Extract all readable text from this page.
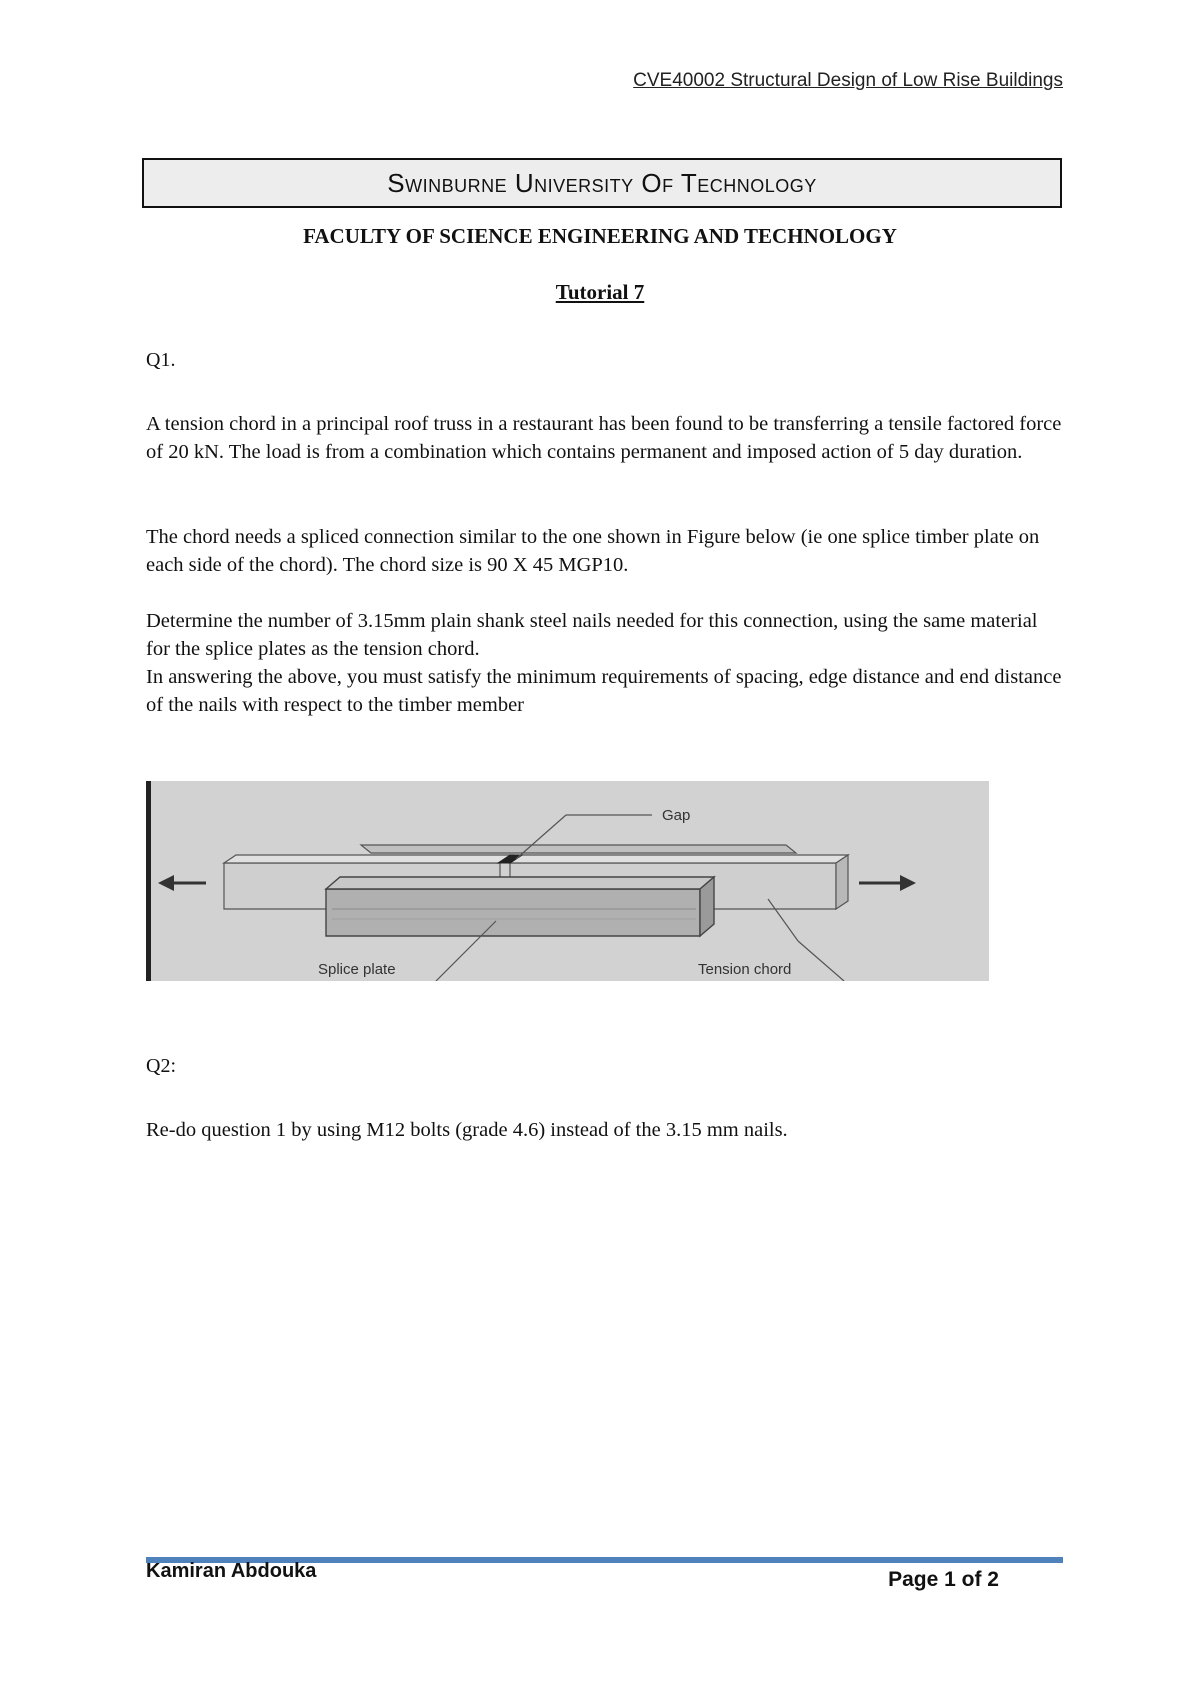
CVE40002 Structural Design of Low Rise Buildings
Swinburne University Of Technology
FACULTY OF SCIENCE ENGINEERING AND TECHNOLOGY
Tutorial 7
Q1.

A tension chord in a principal roof truss in a restaurant has been found to be transferring a tensile factored force of 20 kN. The load is from a combination which contains permanent and imposed action of 5 day duration.

The chord needs a spliced connection similar to the one shown in Figure below (ie one splice timber plate on each side of the chord). The chord size is 90 X 45 MGP10.

Determine the number of 3.15mm plain shank steel nails needed for this connection, using the same material for the splice plates as the tension chord.

In answering the above, you must satisfy the minimum requirements of spacing, edge distance and end distance of the nails with respect to the timber member

Gap
Splice plate	Tension chord
Q2:

Re-do question 1 by using M12 bolts (grade 4.6) instead of the 3.15 mm nails.

Kamiran Abdouka	Page 1 of 2
